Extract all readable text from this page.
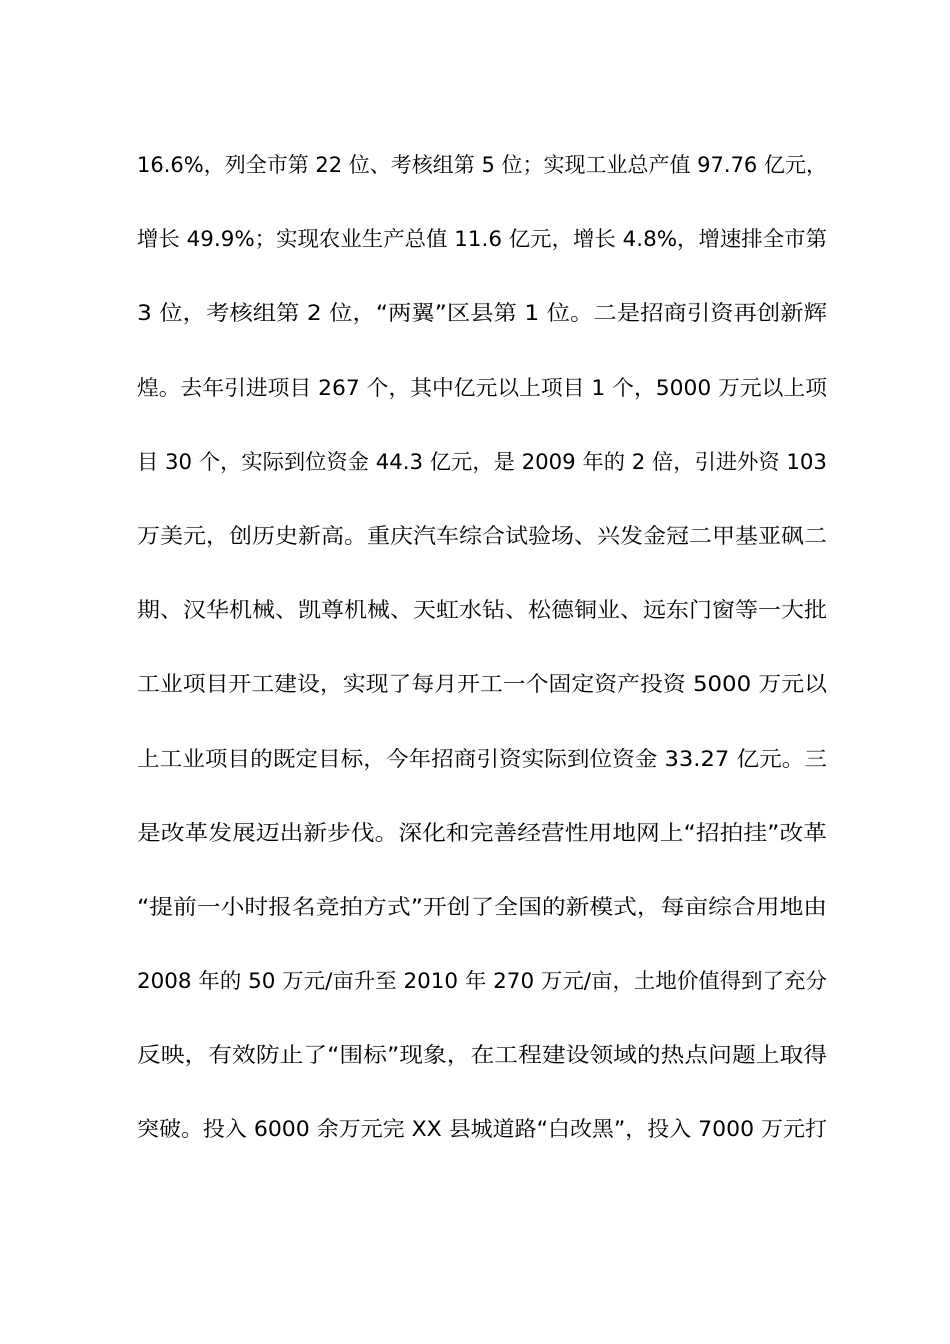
16.6%，列全市第 22 位、考核组第 5 位；实现工业总产值 97.76 亿元，
增长 49.9%；实现农业生产总值 11.6 亿元，增长 4.8%，增速排全市第
3 位，考核组第 2 位，“两翼”区县第 1 位。二是招商引资再创新辉
煌。去年引进项目 267 个，其中亿元以上项目 1 个，5000 万元以上项
目 30 个，实际到位资金 44.3 亿元，是 2009 年的 2 倍，引进外资 103
万美元，创历史新高。重庆汽车综合试验场、兴发金冠二甲基亚砜二
期、汉华机械、凯尊机械、天虹水钻、松德铜业、远东门窗等一大批
工业项目开工建设，实现了每月开工一个固定资产投资 5000 万元以
上工业项目的既定目标，今年招商引资实际到位资金 33.27 亿元。三
是改革发展迈出新步伐。深化和完善经营性用地网上“招拍挂”改革
“提前一小时报名竞拍方式”开创了全国的新模式，每亩综合用地由
2008 年的 50 万元/亩升至 2010 年 270 万元/亩，土地价值得到了充分
反映，有效防止了“围标”现象，在工程建设领域的热点问题上取得
突破。投入 6000 余万元完 XX 县城道路“白改黑”，投入 7000 万元打
